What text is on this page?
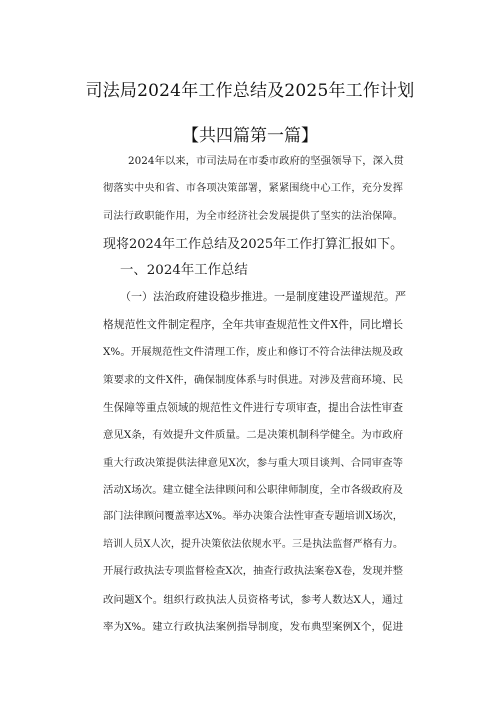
司法局2024年工作总结及2025年工作计划
【共四篇第一篇】
2024年以来，市司法局在市委市政府的坚强领导下，深入贯
彻落实中央和省、市各项决策部署，紧紧围绕中心工作，充分发挥
司法行政职能作用，为全市经济社会发展提供了坚实的法治保障。
现将2024年工作总结及2025年工作打算汇报如下。
一、2024年工作总结
（一）法治政府建设稳步推进。一是制度建设严谨规范。严
格规范性文件制定程序，全年共审查规范性文件X件，同比增长
X%。开展规范性文件清理工作，废止和修订不符合法律法规及政
策要求的文件X件，确保制度体系与时俱进。对涉及营商环境、民
生保障等重点领域的规范性文件进行专项审查，提出合法性审查
意见X条，有效提升文件质量。二是决策机制科学健全。为市政府
重大行政决策提供法律意见X次，参与重大项目谈判、合同审查等
活动X场次。建立健全法律顾问和公职律师制度，全市各级政府及
部门法律顾问覆盖率达X%。举办决策合法性审查专题培训X场次，
培训人员X人次，提升决策依法依规水平。三是执法监督严格有力。
开展行政执法专项监督检查X次，抽查行政执法案卷X卷，发现并整
改问题X个。组织行政执法人员资格考试，参考人数达X人，通过
率为X%。建立行政执法案例指导制度，发布典型案例X个，促进
